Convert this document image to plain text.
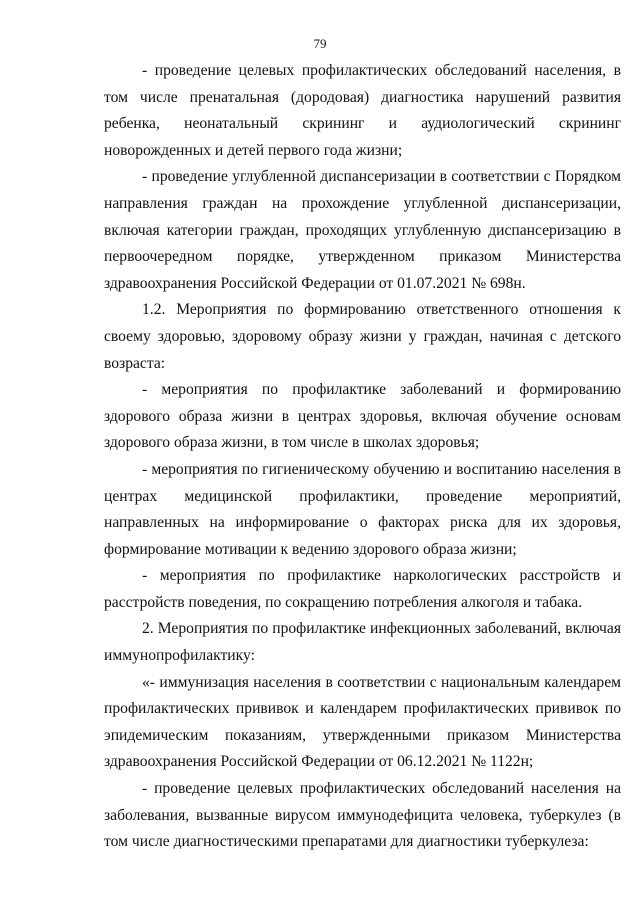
79

- проведение целевых профилактических обследований населения, в том числе пренатальная (дородовая) диагностика нарушений развития ребенка, неонатальный скрининг и аудиологический скрининг новорожденных и детей первого года жизни;

- проведение углубленной диспансеризации в соответствии с Порядком направления граждан на прохождение углубленной диспансеризации, включая категории граждан, проходящих углубленную диспансеризацию в первоочередном порядке, утвержденном приказом Министерства здравоохранения Российской Федерации от 01.07.2021 № 698н.

1.2. Мероприятия по формированию ответственного отношения к своему здоровью, здоровому образу жизни у граждан, начиная с детского возраста:

- мероприятия по профилактике заболеваний и формированию здорового образа жизни в центрах здоровья, включая обучение основам здорового образа жизни, в том числе в школах здоровья;

- мероприятия по гигиеническому обучению и воспитанию населения в центрах медицинской профилактики, проведение мероприятий, направленных на информирование о факторах риска для их здоровья, формирование мотивации к ведению здорового образа жизни;

- мероприятия по профилактике наркологических расстройств и расстройств поведения, по сокращению потребления алкоголя и табака.

2. Мероприятия по профилактике инфекционных заболеваний, включая иммунопрофилактику:

«- иммунизация населения в соответствии с национальным календарем профилактических прививок и календарем профилактических прививок по эпидемическим показаниям, утвержденными приказом Министерства здравоохранения Российской Федерации от 06.12.2021 № 1122н;

- проведение целевых профилактических обследований населения на заболевания, вызванные вирусом иммунодефицита человека, туберкулез (в том числе диагностическими препаратами для диагностики туберкулеза:
